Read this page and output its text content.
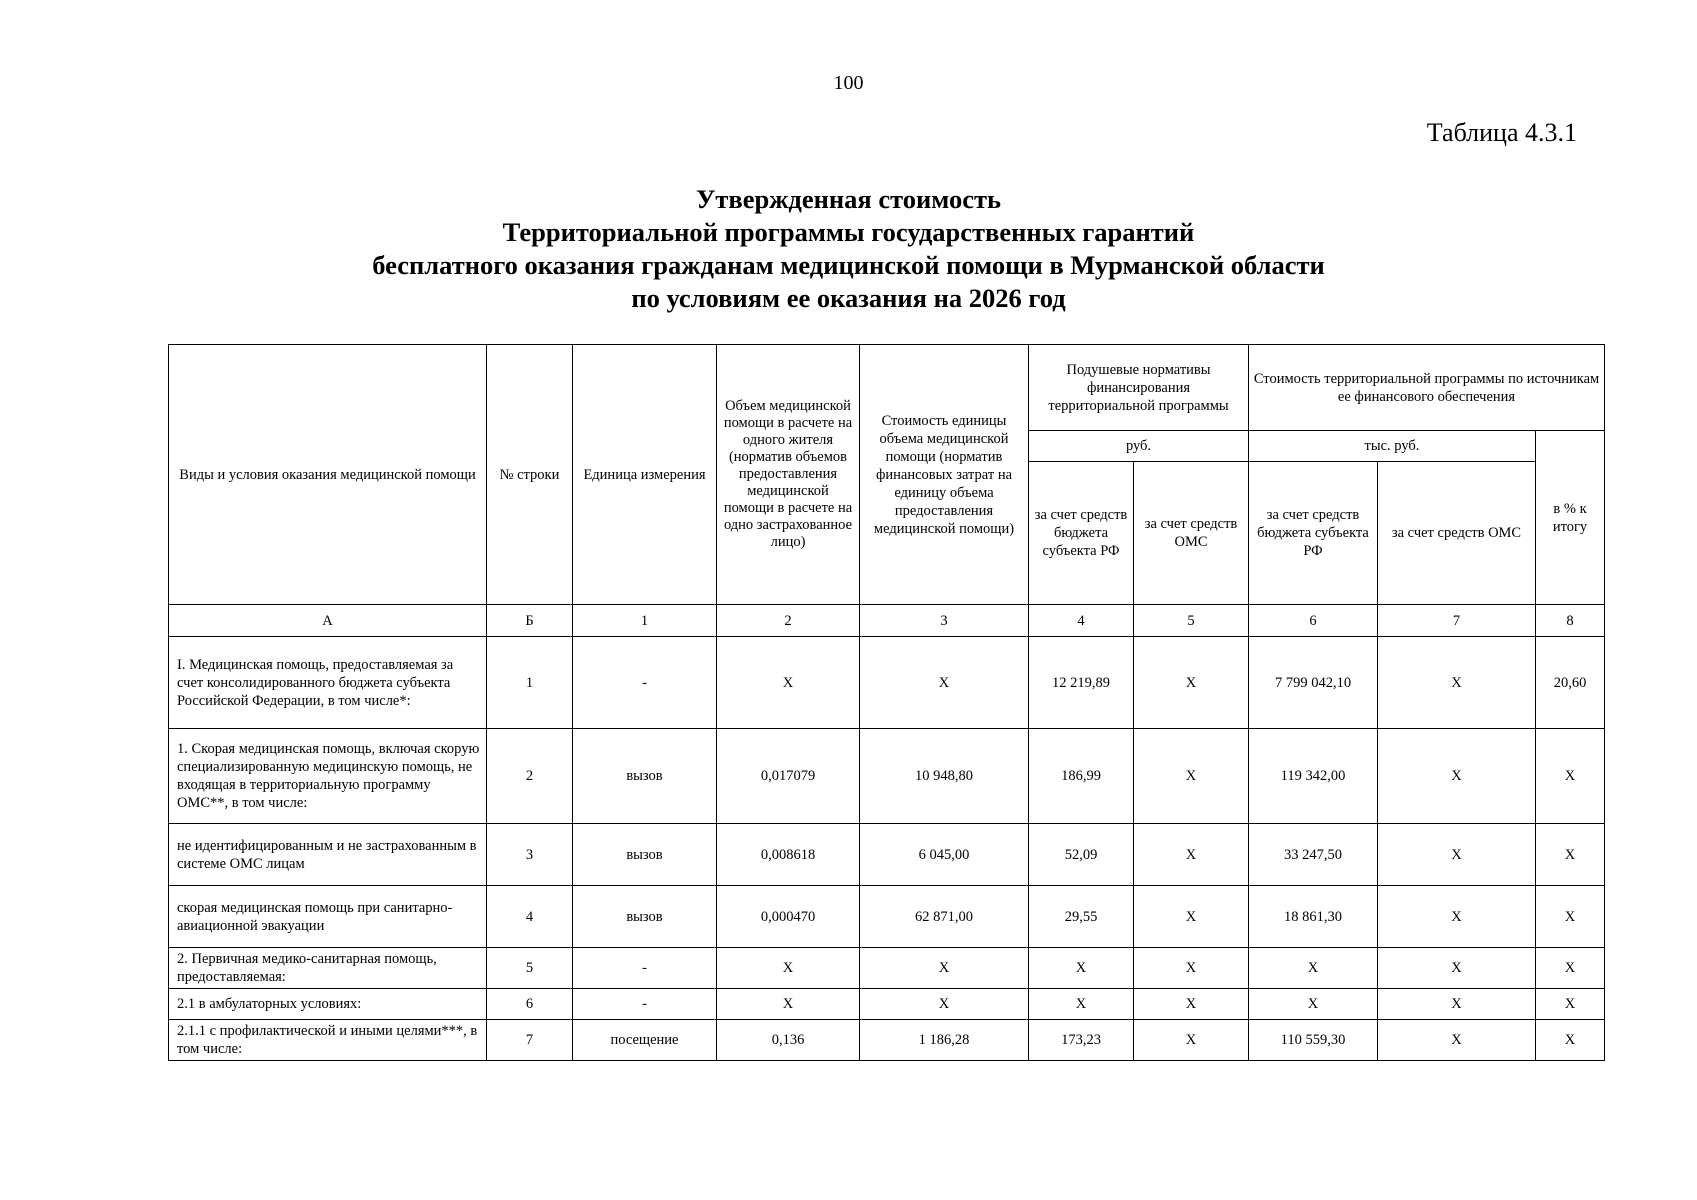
100
Таблица 4.3.1
Утвержденная стоимость
Территориальной программы государственных гарантий
бесплатного оказания гражданам медицинской помощи в Мурманской области
по условиям ее оказания на 2026 год
Виды и условия оказания медицинской помощи	№ строки	Единица измерения	Объем медицинской помощи в расчете на одного жителя (норматив объемов предоставления медицинской помощи в расчете на одно застрахованное лицо)	Стоимость единицы объема медицинской помощи (норматив финансовых затрат на единицу объема предоставления медицинской помощи)	Подушевые нормативы финансирования территориальной программы		Стоимость территориальной программы по источникам ее финансового обеспечения		
					руб.		тыс. руб.		в % к итогу
					за счет средств бюджета субъекта РФ	за счет средств ОМС	за счет средств бюджета субъекта РФ	за счет средств ОМС	
А	Б	1	2	3	4	5	6	7	8
I. Медицинская помощь, предоставляемая за счет консолидированного бюджета субъекта Российской Федерации, в том числе*:	1	-	X	X	12 219,89	X	7 799 042,10	X	20,60
1. Скорая медицинская помощь, включая скорую специализированную медицинскую помощь, не входящая в территориальную программу ОМС**, в том числе:	2	вызов	0,017079	10 948,80	186,99	X	119 342,00	X	X
не идентифицированным и не застрахованным в системе ОМС лицам	3	вызов	0,008618	6 045,00	52,09	X	33 247,50	X	X
скорая медицинская помощь при санитарно-авиационной эвакуации	4	вызов	0,000470	62 871,00	29,55	X	18 861,30	X	X
2. Первичная медико-санитарная помощь, предоставляемая:	5	-	X	X	X	X	X	X	X
2.1 в амбулаторных условиях:	6	-	X	X	X	X	X	X	X
2.1.1 с профилактической и иными целями***, в том числе:	7	посещение	0,136	1 186,28	173,23	X	110 559,30	X	X
